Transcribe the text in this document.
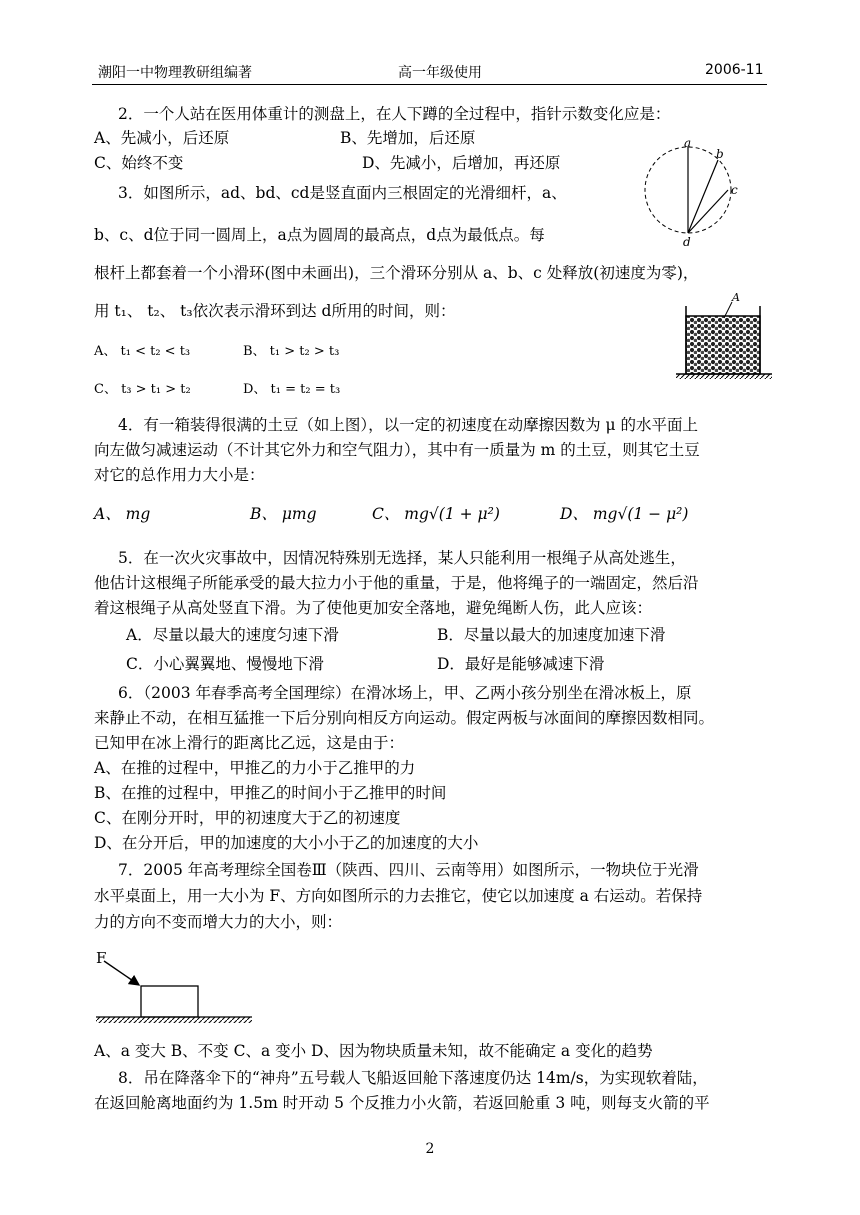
潮阳一中物理教研组编著	高一年级使用	2006-11
2．一个人站在医用体重计的测盘上，在人下蹲的全过程中，指针示数变化应是：
A、先减小，后还原	B、先增加，后还原
C、始终不变	D、先减小，后增加，再还原
a
b
c
d
3．如图所示，ad、bd、cd是竖直面内三根固定的光滑细杆，a、
b、c、d位于同一圆周上，a点为圆周的最高点，d点为最低点。每
根杆上都套着一个小滑环(图中未画出)，三个滑环分别从 a、b、c 处释放(初速度为零)，
用 t₁、 t₂、 t₃依次表示滑环到达 d所用的时间，则：
A、 t₁ < t₂ < t₃	B、 t₁ > t₂ > t₃
C、 t₃ > t₁ > t₂	D、 t₁ = t₂ = t₃
A
4．有一箱装得很满的土豆（如上图），以一定的初速度在动摩擦因数为 μ 的水平面上
向左做匀减速运动（不计其它外力和空气阻力），其中有一质量为 m 的土豆，则其它土豆
对它的总作用力大小是：
A、 mg	B、 μmg	C、 mg√(1 + μ²)	D、 mg√(1 − μ²)
5．在一次火灾事故中，因情况特殊别无选择，某人只能利用一根绳子从高处逃生，
他估计这根绳子所能承受的最大拉力小于他的重量，于是，他将绳子的一端固定，然后沿
着这根绳子从高处竖直下滑。为了使他更加安全落地，避免绳断人伤，此人应该：
A．尽量以最大的速度匀速下滑	B．尽量以最大的加速度加速下滑
C．小心翼翼地、慢慢地下滑	D．最好是能够减速下滑
6．（2003 年春季高考全国理综）在滑冰场上，甲、乙两小孩分别坐在滑冰板上，原
来静止不动，在相互猛推一下后分别向相反方向运动。假定两板与冰面间的摩擦因数相同。
已知甲在冰上滑行的距离比乙远，这是由于：
A、在推的过程中，甲推乙的力小于乙推甲的力
B、在推的过程中，甲推乙的时间小于乙推甲的时间
C、在刚分开时，甲的初速度大于乙的初速度
D、在分开后，甲的加速度的大小小于乙的加速度的大小
7．2005 年高考理综全国卷Ⅲ（陕西、四川、云南等用）如图所示，一物块位于光滑
水平桌面上，用一大小为 F、方向如图所示的力去推它，使它以加速度 a 右运动。若保持
力的方向不变而增大力的大小，则：
F
A、a 变大 B、不变 C、a 变小 D、因为物块质量未知，故不能确定 a 变化的趋势
8．吊在降落伞下的“神舟”五号载人飞船返回舱下落速度仍达 14m/s，为实现软着陆，
在返回舱离地面约为 1.5m 时开动 5 个反推力小火箭，若返回舱重 3 吨，则每支火箭的平
2
